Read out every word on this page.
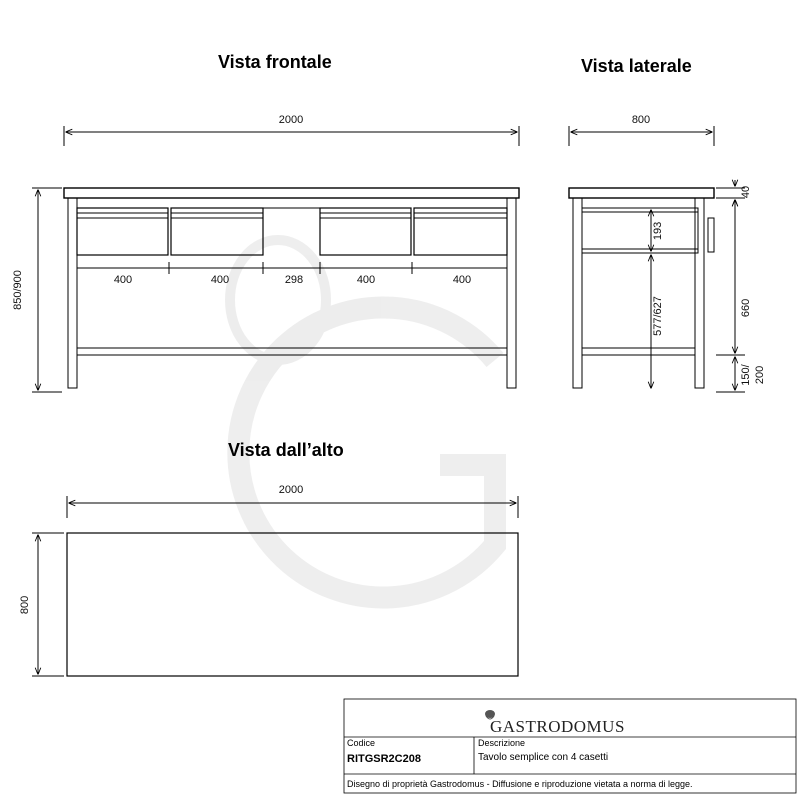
Vista frontale	Vista laterale
Vista dall’alto
2000
400	400	298	400	400
850/900
800
40
193
577/627	660
150/ 200
2000
800
GASTRODOMUS
Codice
RITGSR2C208
Descrizione
Tavolo semplice con 4 casetti
Disegno di proprietà Gastrodomus - Diffusione e riproduzione vietata a norma di legge.
